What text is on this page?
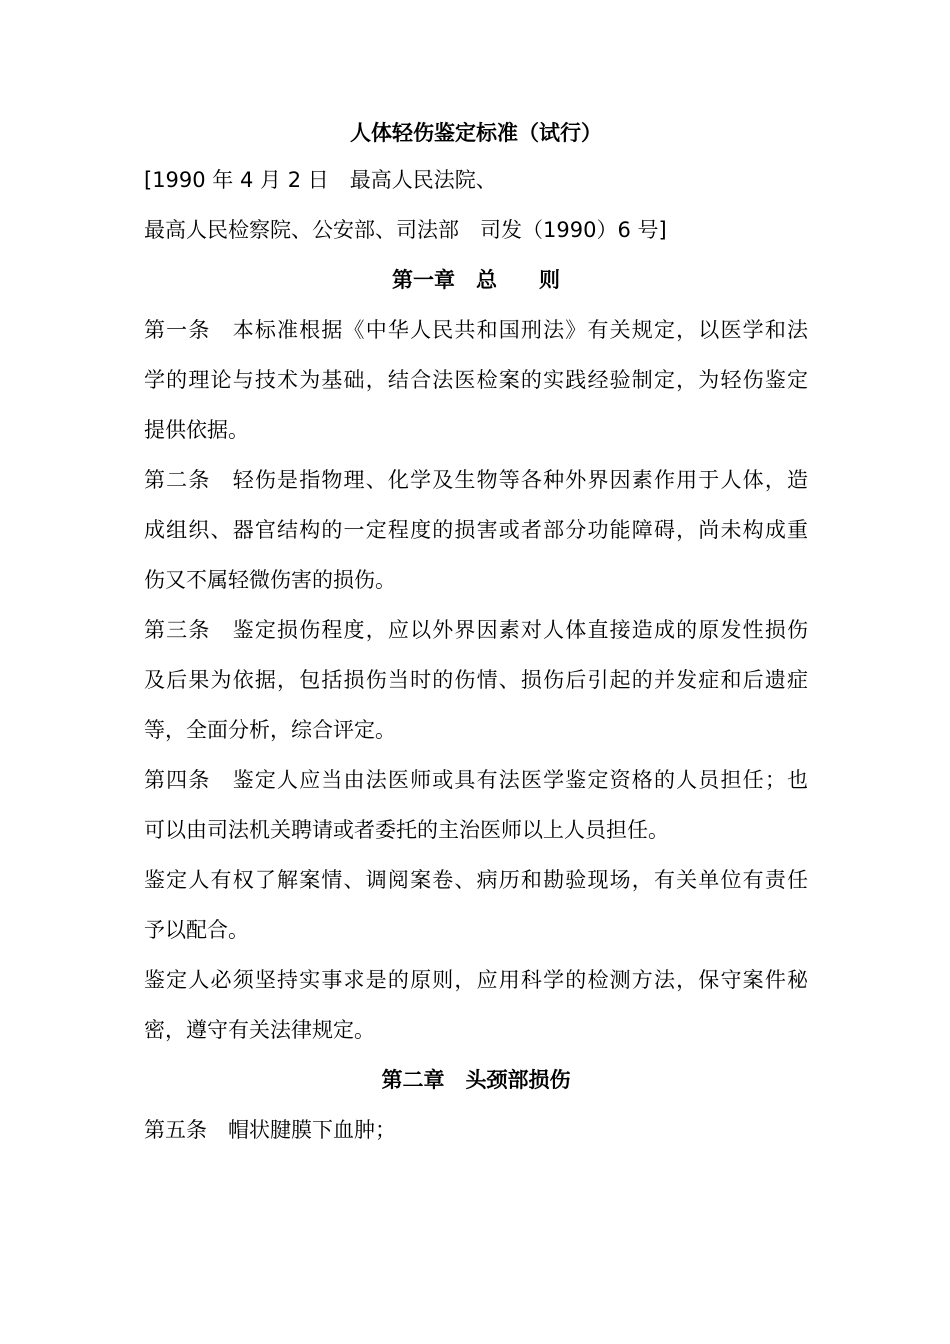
人体轻伤鉴定标准（试行）
[1990 年 4 月 2 日　最高人民法院、
最高人民检察院、公安部、司法部　司发（1990）6 号]
第一章　总　　则
第一条　本标准根据《中华人民共和国刑法》有关规定，以医学和法
学的理论与技术为基础，结合法医检案的实践经验制定，为轻伤鉴定
提供依据。
第二条　轻伤是指物理、化学及生物等各种外界因素作用于人体，造
成组织、器官结构的一定程度的损害或者部分功能障碍，尚未构成重
伤又不属轻微伤害的损伤。
第三条　鉴定损伤程度，应以外界因素对人体直接造成的原发性损伤
及后果为依据，包括损伤当时的伤情、损伤后引起的并发症和后遗症
等，全面分析，综合评定。
第四条　鉴定人应当由法医师或具有法医学鉴定资格的人员担任；也
可以由司法机关聘请或者委托的主治医师以上人员担任。
鉴定人有权了解案情、调阅案卷、病历和勘验现场，有关单位有责任
予以配合。
鉴定人必须坚持实事求是的原则，应用科学的检测方法，保守案件秘
密，遵守有关法律规定。
第二章　头颈部损伤
第五条　帽状腱膜下血肿；
